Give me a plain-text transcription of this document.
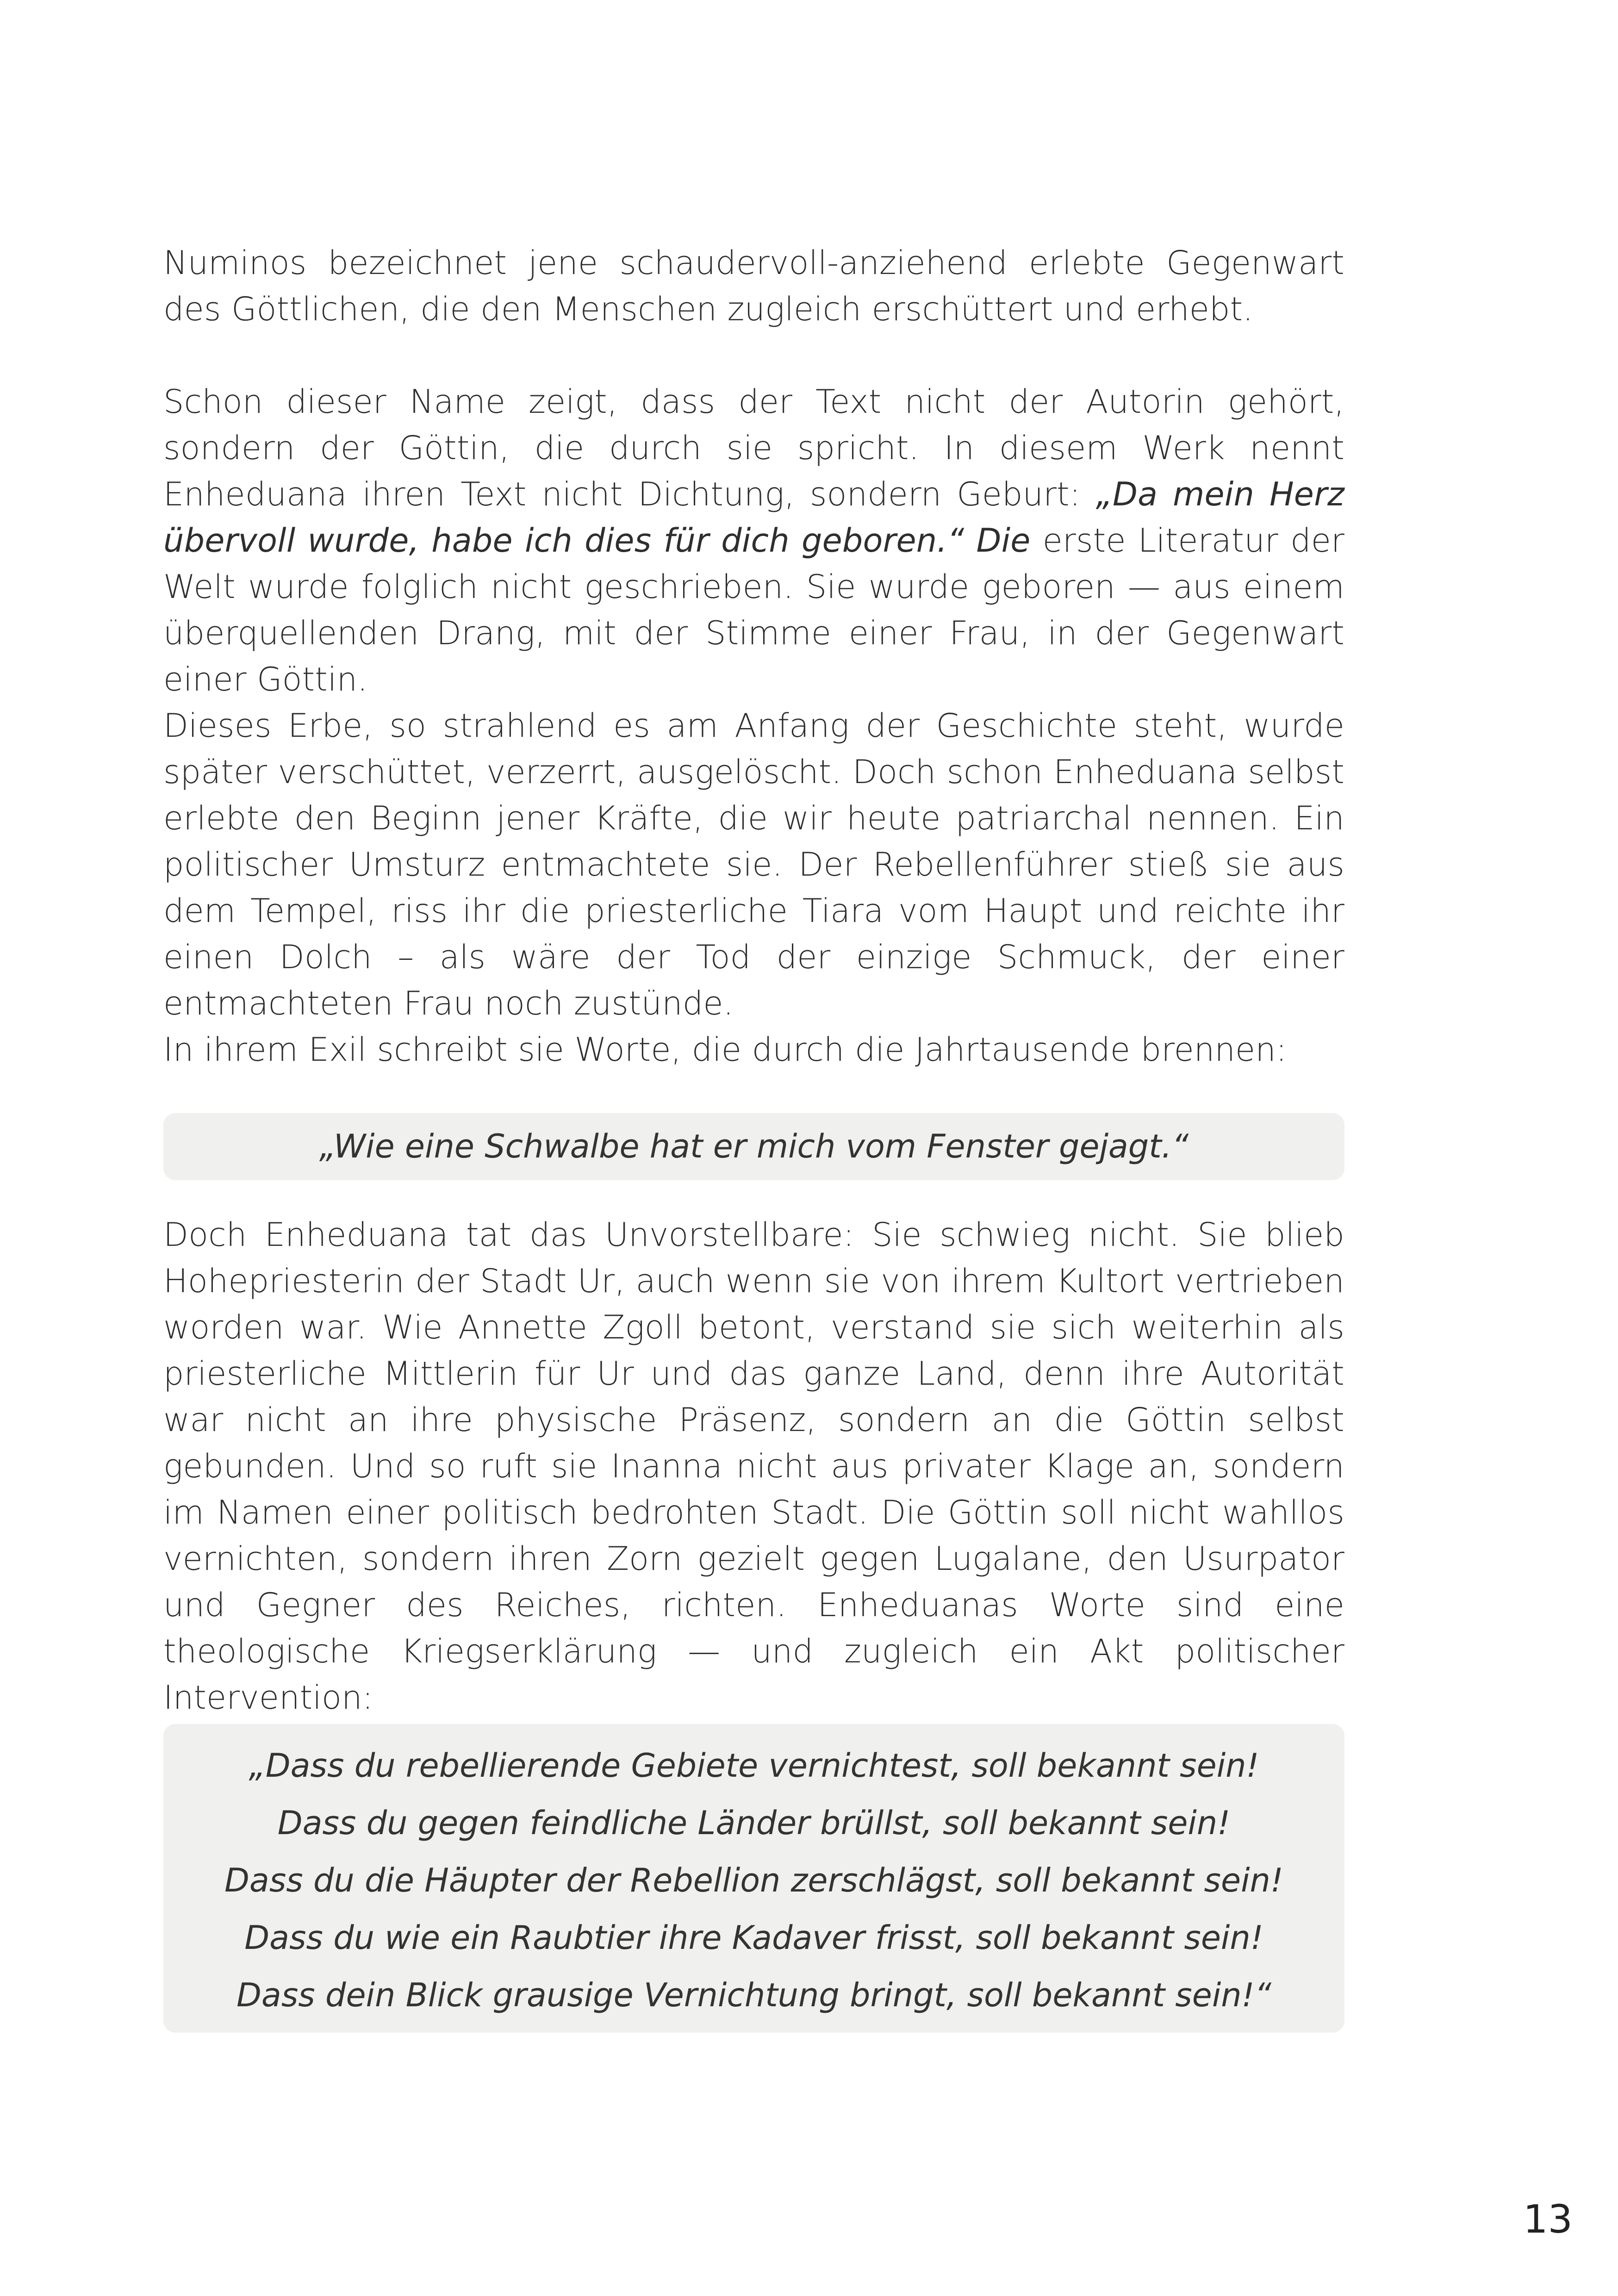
Numinos bezeichnet jene schaudervoll-anziehend erlebte Gegenwart des Göttlichen, die den Menschen zugleich erschüttert und erhebt.

Schon dieser Name zeigt, dass der Text nicht der Autorin gehört, sondern der Göttin, die durch sie spricht. In diesem Werk nennt Enheduana ihren Text nicht Dichtung, sondern Geburt: „Da mein Herz übervoll wurde, habe ich dies für dich geboren.“ Die erste Literatur der Welt wurde folglich nicht geschrieben. Sie wurde geboren — aus einem überquellenden Drang, mit der Stimme einer Frau, in der Gegenwart einer Göttin.

Dieses Erbe, so strahlend es am Anfang der Geschichte steht, wurde später verschüttet, verzerrt, ausgelöscht. Doch schon Enheduana selbst erlebte den Beginn jener Kräfte, die wir heute patriarchal nennen. Ein politischer Umsturz entmachtete sie. Der Rebellenführer stieß sie aus dem Tempel, riss ihr die priesterliche Tiara vom Haupt und reichte ihr einen Dolch – als wäre der Tod der einzige Schmuck, der einer entmachteten Frau noch zustünde.

In ihrem Exil schreibt sie Worte, die durch die Jahrtausende brennen:

„Wie eine Schwalbe hat er mich vom Fenster gejagt.“

Doch Enheduana tat das Unvorstellbare: Sie schwieg nicht. Sie blieb Hohepriesterin der Stadt Ur, auch wenn sie von ihrem Kultort vertrieben worden war. Wie Annette Zgoll betont, verstand sie sich weiterhin als priesterliche Mittlerin für Ur und das ganze Land, denn ihre Autorität war nicht an ihre physische Präsenz, sondern an die Göttin selbst gebunden. Und so ruft sie Inanna nicht aus privater Klage an, sondern im Namen einer politisch bedrohten Stadt. Die Göttin soll nicht wahllos vernichten, sondern ihren Zorn gezielt gegen Lugalane, den Usurpator und Gegner des Reiches, richten. Enheduanas Worte sind eine theologische Kriegserklärung — und zugleich ein Akt politischer Intervention:

„Dass du rebellierende Gebiete vernichtest, soll bekannt sein!

Dass du gegen feindliche Länder brüllst, soll bekannt sein!

Dass du die Häupter der Rebellion zerschlägst, soll bekannt sein!

Dass du wie ein Raubtier ihre Kadaver frisst, soll bekannt sein!

Dass dein Blick grausige Vernichtung bringt, soll bekannt sein!“

13
